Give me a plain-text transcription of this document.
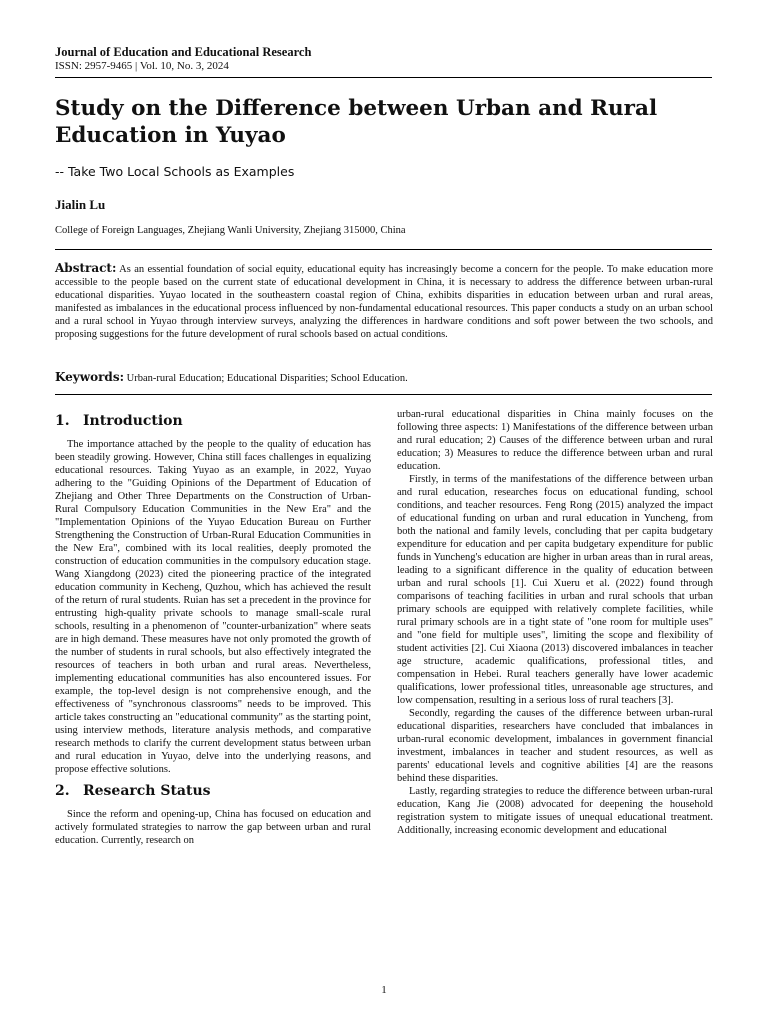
Journal of Education and Educational Research
ISSN: 2957-9465 | Vol. 10, No. 3, 2024
Study on the Difference between Urban and Rural Education in Yuyao
-- Take Two Local Schools as Examples
Jialin Lu
College of Foreign Languages, Zhejiang Wanli University, Zhejiang 315000, China

Abstract: As an essential foundation of social equity, educational equity has increasingly become a concern for the people. To make education more accessible to the people based on the current state of educational development in China, it is necessary to address the difference between urban-rural educational disparities. Yuyao located in the southeastern coastal region of China, exhibits disparities in education between urban and rural areas, manifested as imbalances in the educational process influenced by non-fundamental educational resources. This paper conducts a study on an urban school and a rural school in Yuyao through interview surveys, analyzing the differences in hardware conditions and soft power between the two schools, and proposing suggestions for the future development of rural schools based on actual conditions.

Keywords: Urban-rural Education; Educational Disparities; School Education.
1. Introduction

The importance attached by the people to the quality of education has been steadily growing. However, China still faces challenges in equalizing educational resources. Taking Yuyao as an example, in 2022, Yuyao adhering to the "Guiding Opinions of the Department of Education of Zhejiang and Other Three Departments on the Construction of Urban-Rural Compulsory Education Communities in the New Era" and the "Implementation Opinions of the Yuyao Education Bureau on Further Strengthening the Construction of Urban-Rural Education Communities in the New Era", combined with its local realities, deeply promoted the construction of education communities in the compulsory education stage. Wang Xiangdong (2023) cited the pioneering practice of the integrated education community in Kecheng, Quzhou, which has achieved the result of the return of rural students. Ruian has set a precedent in the province for entrusting high-quality private schools to manage small-scale rural schools, resulting in a phenomenon of "counter-urbanization" where seats are in high demand. These measures have not only promoted the growth of the number of students in rural schools, but also effectively integrated the resources of teachers in both urban and rural areas. Nevertheless, implementing educational communities has also encountered issues. For example, the top-level design is not comprehensive enough, and the effectiveness of "synchronous classrooms" needs to be improved. This article takes constructing an "educational community" as the starting point, using interview methods, literature analysis methods, and comparative research methods to clarify the current development status between urban and rural education in Yuyao, delve into the underlying reasons, and propose effective solutions.

2. Research Status

Since the reform and opening-up, China has focused on education and actively formulated strategies to narrow the gap between urban and rural education. Currently, research on

urban-rural educational disparities in China mainly focuses on the following three aspects: 1) Manifestations of the difference between urban and rural education; 2) Causes of the difference between urban and rural education; 3) Measures to reduce the difference between urban and rural education.

Firstly, in terms of the manifestations of the difference between urban and rural education, researches focus on educational funding, school conditions, and teacher resources. Feng Rong (2015) analyzed the impact of educational funding on urban and rural education in Yuncheng, from both the national and family levels, concluding that per capita budgetary expenditure for education and per capita budgetary expenditure for public funds in Yuncheng's education are higher in urban areas than in rural areas, leading to a significant difference in the quality of education between urban and rural schools [1]. Cui Xueru et al. (2022) found through comparisons of teaching facilities in urban and rural schools that urban primary schools are equipped with relatively complete facilities, while rural primary schools are in a tight state of "one room for multiple uses" and "one field for multiple uses", limiting the scope and flexibility of student activities [2]. Cui Xiaona (2013) discovered imbalances in teacher age structure, academic qualifications, professional titles, and compensation in Hebei. Rural teachers generally have lower academic qualifications, lower professional titles, unreasonable age structures, and low compensation, resulting in a serious loss of rural teachers [3].

Secondly, regarding the causes of the difference between urban-rural educational disparities, researchers have concluded that imbalances in urban-rural economic development, imbalances in government financial investment, imbalances in teacher and student resources, as well as parents' educational levels and cognitive abilities [4] are the reasons behind these disparities.

Lastly, regarding strategies to reduce the difference between urban-rural education, Kang Jie (2008) advocated for deepening the household registration system to mitigate issues of unequal educational treatment. Additionally, increasing economic development and educational

1
